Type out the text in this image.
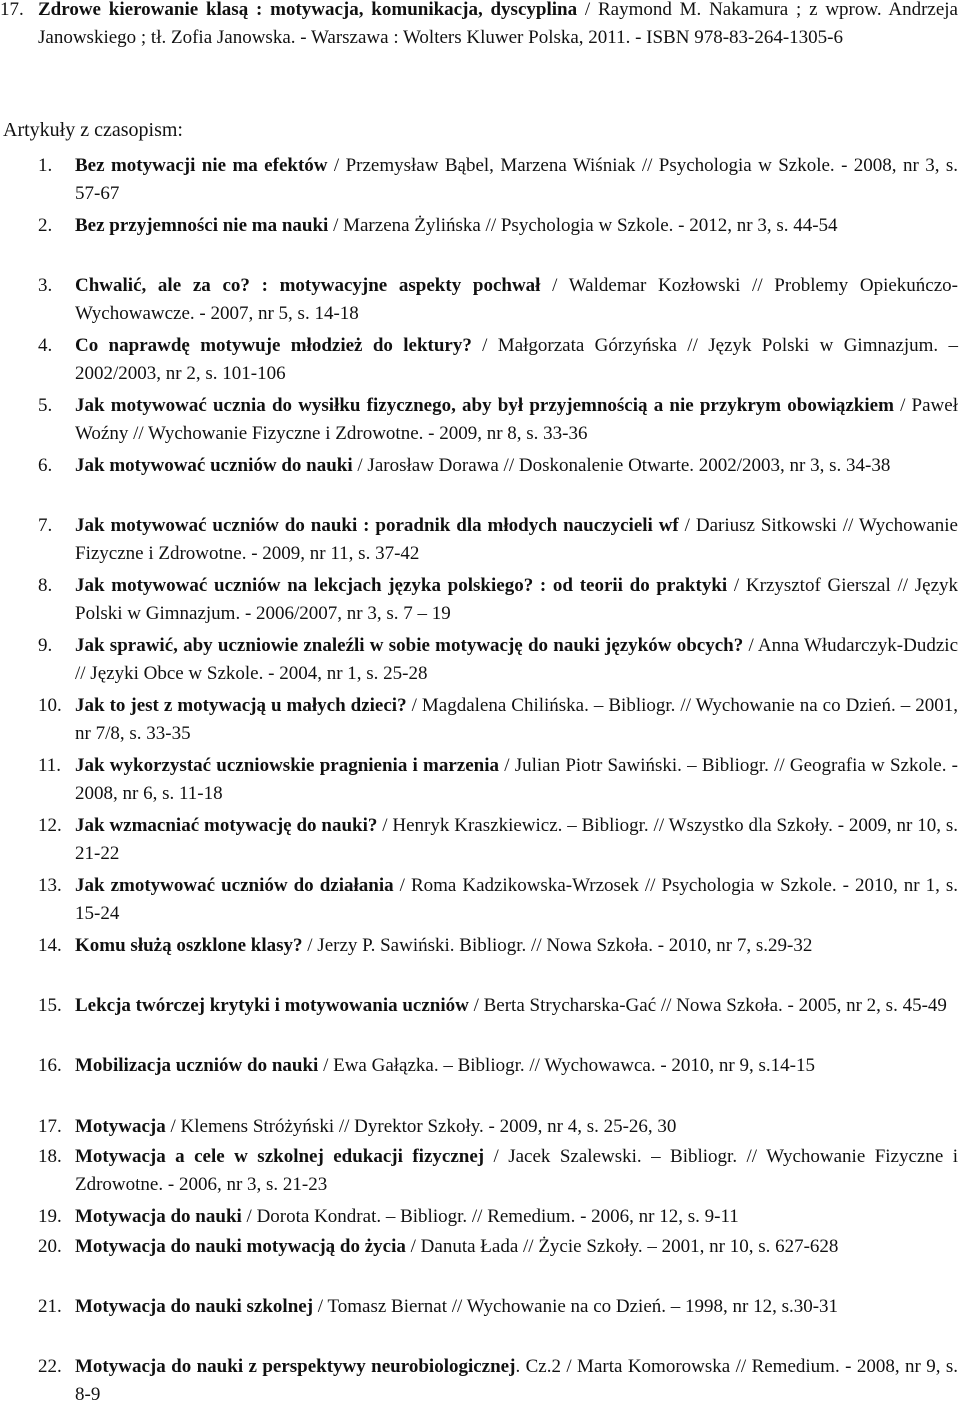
17. Zdrowe kierowanie klasą : motywacja, komunikacja, dyscyplina / Raymond M. Nakamura ; z wprow. Andrzeja Janowskiego ; tł. Zofia Janowska. - Warszawa : Wolters Kluwer Polska, 2011. - ISBN 978-83-264-1305-6

Artykuły z czasopism:
1. Bez motywacji nie ma efektów / Przemysław Bąbel, Marzena Wiśniak // Psychologia w Szkole. - 2008, nr 3, s. 57-67

2. Bez przyjemności nie ma nauki / Marzena Żylińska // Psychologia w Szkole. - 2012, nr 3, s. 44-54

3. Chwalić, ale za co? : motywacyjne aspekty pochwał / Waldemar Kozłowski // Problemy Opiekuńczo-Wychowawcze. - 2007, nr 5, s. 14-18

4. Co naprawdę motywuje młodzież do lektury? / Małgorzata Górzyńska // Język Polski w Gimnazjum. – 2002/2003, nr 2, s. 101-106

5. Jak motywować ucznia do wysiłku fizycznego, aby był przyjemnością a nie przykrym obowiązkiem / Paweł Woźny // Wychowanie Fizyczne i Zdrowotne. - 2009, nr 8, s. 33-36

6. Jak motywować uczniów do nauki / Jarosław Dorawa // Doskonalenie Otwarte. 2002/2003, nr 3, s. 34-38

7. Jak motywować uczniów do nauki : poradnik dla młodych nauczycieli wf / Dariusz Sitkowski // Wychowanie Fizyczne i Zdrowotne. - 2009, nr 11, s. 37-42

8. Jak motywować uczniów na lekcjach języka polskiego? : od teorii do praktyki / Krzysztof Gierszal // Język Polski w Gimnazjum. - 2006/2007, nr 3, s. 7 – 19

9. Jak sprawić, aby uczniowie znaleźli w sobie motywację do nauki języków obcych? / Anna Włudarczyk-Dudzic // Języki Obce w Szkole. - 2004, nr 1, s. 25-28

10. Jak to jest z motywacją u małych dzieci? / Magdalena Chilińska. – Bibliogr. // Wychowanie na co Dzień. – 2001, nr 7/8, s. 33-35

11. Jak wykorzystać uczniowskie pragnienia i marzenia / Julian Piotr Sawiński. – Bibliogr. // Geografia w Szkole. - 2008, nr 6, s. 11-18

12. Jak wzmacniać motywację do nauki? / Henryk Kraszkiewicz. – Bibliogr. // Wszystko dla Szkoły. - 2009, nr 10, s. 21-22

13. Jak zmotywować uczniów do działania / Roma Kadzikowska-Wrzosek // Psychologia w Szkole. - 2010, nr 1, s. 15-24

14. Komu służą oszklone klasy? / Jerzy P. Sawiński. Bibliogr. // Nowa Szkoła. - 2010, nr 7, s.29-32

15. Lekcja twórczej krytyki i motywowania uczniów / Berta Strycharska-Gać // Nowa Szkoła. - 2005, nr 2, s. 45-49

16. Mobilizacja uczniów do nauki / Ewa Gałązka. – Bibliogr. // Wychowawca. - 2010, nr 9, s.14-15

17. Motywacja / Klemens Stróżyński // Dyrektor Szkoły. - 2009, nr 4, s. 25-26, 30

18. Motywacja a cele w szkolnej edukacji fizycznej / Jacek Szalewski. – Bibliogr. // Wychowanie Fizyczne i Zdrowotne. - 2006, nr 3, s. 21-23

19. Motywacja do nauki / Dorota Kondrat. – Bibliogr. // Remedium. - 2006, nr 12, s. 9-11

20. Motywacja do nauki motywacją do życia / Danuta Łada // Życie Szkoły. – 2001, nr 10, s. 627-628

21. Motywacja do nauki szkolnej / Tomasz Biernat // Wychowanie na co Dzień. – 1998, nr 12, s.30-31

22. Motywacja do nauki z perspektywy neurobiologicznej. Cz.2 / Marta Komorowska // Remedium. - 2008, nr 9, s. 8-9
